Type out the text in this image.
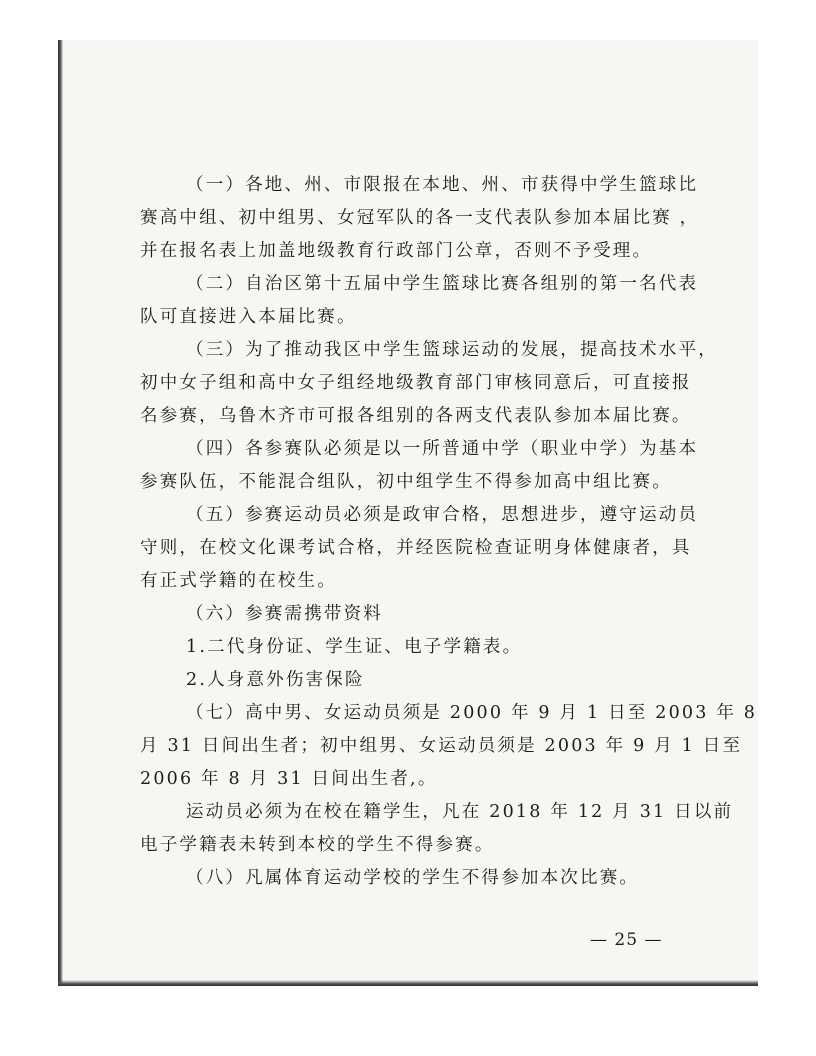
（一）各地、州、市限报在本地、州、市获得中学生篮球比
赛高中组、初中组男、女冠军队的各一支代表队参加本届比赛 ，
并在报名表上加盖地级教育行政部门公章，否则不予受理。
（二）自治区第十五届中学生篮球比赛各组别的第一名代表
队可直接进入本届比赛。
（三）为了推动我区中学生篮球运动的发展，提高技术水平，
初中女子组和高中女子组经地级教育部门审核同意后，可直接报
名参赛，乌鲁木齐市可报各组别的各两支代表队参加本届比赛。
（四）各参赛队必须是以一所普通中学（职业中学）为基本
参赛队伍，不能混合组队，初中组学生不得参加高中组比赛。
（五）参赛运动员必须是政审合格，思想进步，遵守运动员
守则，在校文化课考试合格，并经医院检查证明身体健康者，具
有正式学籍的在校生。
（六）参赛需携带资料
1.二代身份证、学生证、电子学籍表。
2.人身意外伤害保险
（七）高中男、女运动员须是 2000 年 9 月 1 日至 2003 年 8
月 31 日间出生者；初中组男、女运动员须是 2003 年 9 月 1 日至
2006 年 8 月 31 日间出生者,。
运动员必须为在校在籍学生，凡在 2018 年 12 月 31 日以前
电子学籍表未转到本校的学生不得参赛。
（八）凡属体育运动学校的学生不得参加本次比赛。
— 25 —
